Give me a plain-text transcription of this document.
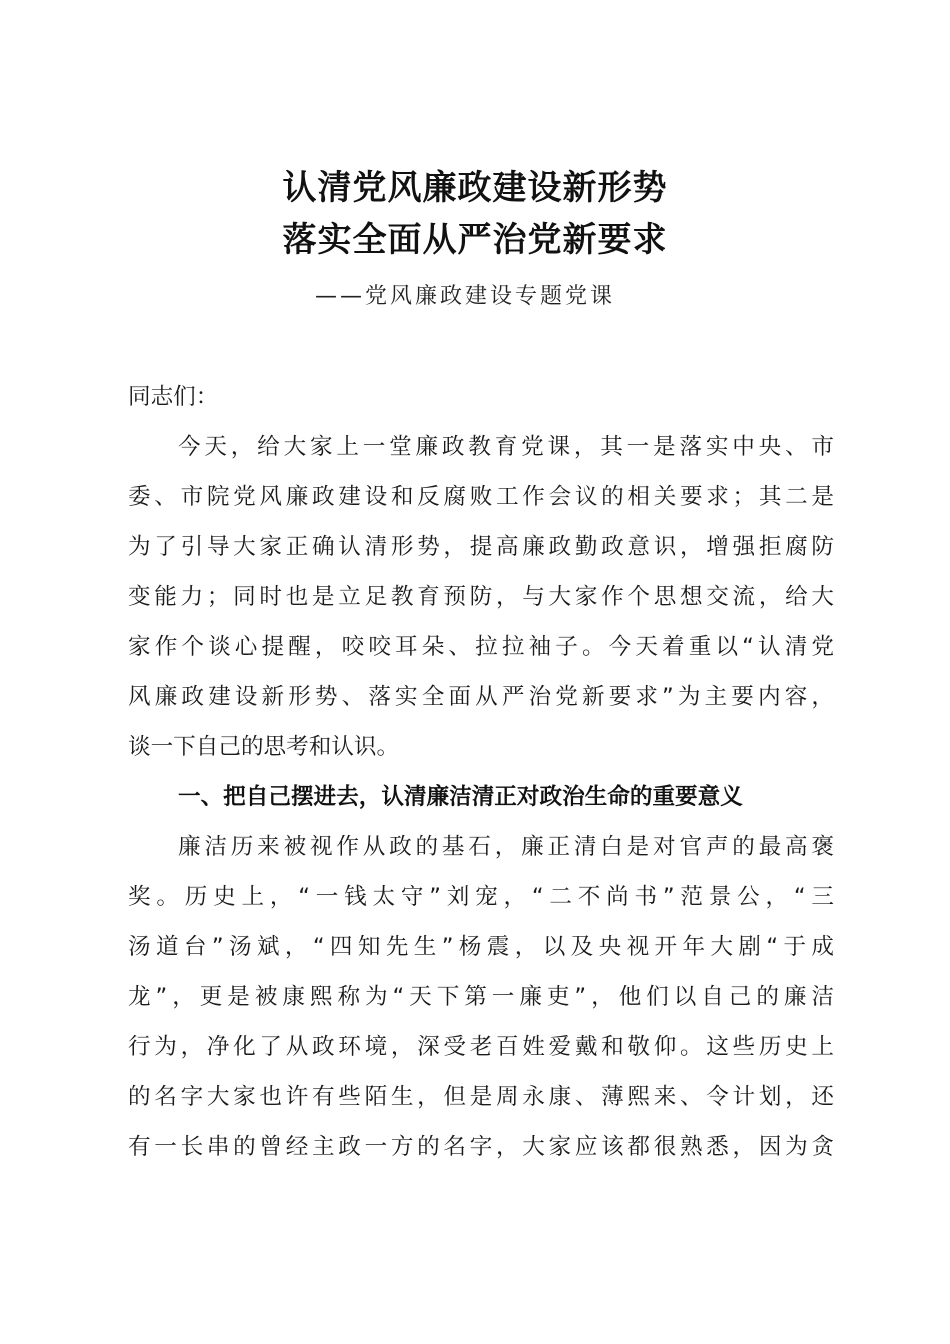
认清党风廉政建设新形势
落实全面从严治党新要求
——党风廉政建设专题党课
同志们：
今天，给大家上一堂廉政教育党课，其一是落实中央、市
委、市院党风廉政建设和反腐败工作会议的相关要求；其二是
为了引导大家正确认清形势，提高廉政勤政意识，增强拒腐防
变能力；同时也是立足教育预防，与大家作个思想交流，给大
家作个谈心提醒，咬咬耳朵、拉拉袖子。今天着重以“认清党
风廉政建设新形势、落实全面从严治党新要求”为主要内容，
谈一下自己的思考和认识。
一、把自己摆进去，认清廉洁清正对政治生命的重要意义
廉洁历来被视作从政的基石，廉正清白是对官声的最高褒
奖。历史上，“一钱太守”刘宠，“二不尚书”范景公，“三
汤道台”汤斌，“四知先生”杨震，以及央视开年大剧“于成
龙”，更是被康熙称为“天下第一廉吏”，他们以自己的廉洁
行为，净化了从政环境，深受老百姓爱戴和敬仰。这些历史上
的名字大家也许有些陌生，但是周永康、薄熙来、令计划，还
有一长串的曾经主政一方的名字，大家应该都很熟悉，因为贪
